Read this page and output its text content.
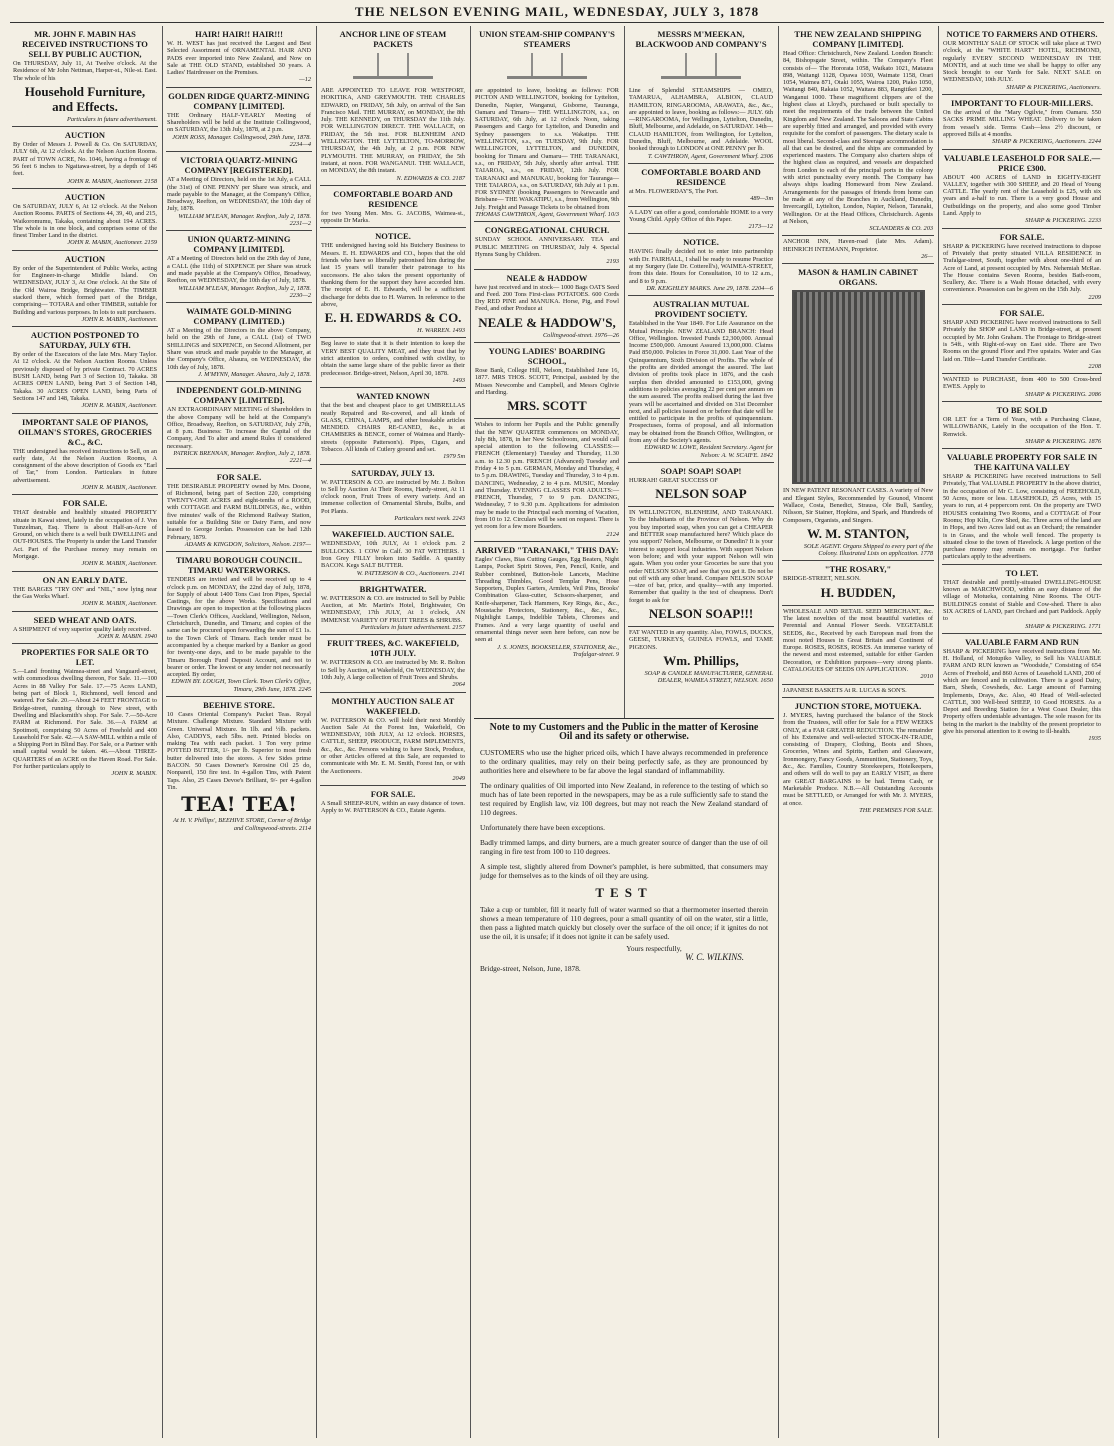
THE NELSON EVENING MAIL, WEDNESDAY, JULY 3, 1878
MR. JOHN F. MABIN HAS RECEIVED INSTRUCTIONS TO SELL BY PUBLIC AUCTION,
On THURSDAY, July 11, At Twelve o'clock. At the Residence of Mr John Nettman, Harper-st., Nile-st. East. The whole of his
Household Furniture, and Effects.
Particulars in future advertisement.
AUCTION
By Order of Messrs J. Powell & Co. On SATURDAY, JULY 6th, At 12 o'clock. At the Nelson Auction Rooms. PART of TOWN ACRE, No. 1046, having a frontage of 56 feet 6 inches to Ngaitawa-street, by a depth of 146 feet.
JOHN R. MABIN, Auctioneer. 2158
AUCTION
On SATURDAY, JULY 6, At 12 o'clock. At the Nelson Auction Rooms. PARTS of Sections 44, 39, 40, and 215, Waikoromumu, Takaka, containing about 194 ACRES. The whole is in one block, and comprises some of the finest Timber Land in the district.
JOHN R. MABIN, Auctioneer. 2159
AUCTION
By order of the Superintendent of Public Works, acting for Engineer-in-charge Middle Island. On WEDNESDAY, JULY 3, At One o'clock. At the Site of the Old Wairoa Bridge, Brightwater. The TIMBER stacked there, which formed part of the Bridge, comprising— TOTARA and other TIMBER, suitable for Building and various purposes. In lots to suit purchasers.
JOHN R. MABIN, Auctioneer.
AUCTION POSTPONED TO SATURDAY, JULY 6TH.
By order of the Executors of the late Mrs. Mary Taylor. At 12 o'clock. At the Nelson Auction Rooms. Unless previously disposed of by private Contract. 70 ACRES BUSH LAND, being Part 3 of Section 10, Takaka. 38 ACRES OPEN LAND, being Part 3 of Section 148, Takaka. 30 ACRES OPEN LAND, being Parts of Sections 147 and 148, Takaka.
JOHN R. MABIN, Auctioneer.
IMPORTANT SALE OF PIANOS, OILMAN'S STORES, GROCERIES &C., &C.
THE undersigned has received instructions to Sell, on an early date, At the Nelson Auction Rooms, A consignment of the above description of Goods ex "Earl of Tar," from London. Particulars in future advertisement.
JOHN R. MABIN, Auctioneer.
FOR SALE.
THAT desirable and healthily situated PROPERTY situate in Kawai street, lately in the occupation of J. Von Tunzelman, Esq. There is about Half-an-Acre of Ground, on which there is a well built DWELLING and OUT-HOUSES. The Property is under the Land Transfer Act. Part of the Purchase money may remain on Mortgage.
JOHN R. MABIN, Auctioneer.
ON AN EARLY DATE.
THE BARGES "TRY ON" and "NIL," now lying near the Gas Works Wharf.
JOHN R. MABIN, Auctioneer.
SEED WHEAT AND OATS.
A SHIPMENT of very superior quality lately received.
JOHN R. MABIN. 1940
PROPERTIES FOR SALE OR TO LET.
5.—Land fronting Waimea-street and Vanguard-street, with commodious dwelling thereon, For Sale. 11.—100 Acres in 88 Valley For Sale. 17.—75 Acres LAND, being part of Block 1, Richmond, well fenced and watered. For Sale. 20.—About 24 FEET FRONTAGE to Bridge-street, running through to New street, with Dwelling and Blacksmith's shop. For Sale. 7.—50-Acre FARM at Richmond. For Sale. 36.—A FARM at Spotimoti, comprising 50 Acres of Freehold and 400 Leasehold For Sale. 42.—A SAW-MILL within a mile of a Shipping Port in Blind Bay. For Sale, or a Partner with small capital would be taken. 46.—About THREE-QUARTERS of an ACRE on the Haven Road. For Sale. For further particulars apply to
JOHN R. MABIN.
HAIR! HAIR!! HAIR!!!
W. H. WEST has just received the Largest and Best Selected Assortment of ORNAMENTAL HAIR AND PADS ever imported into New Zealand, and Now on Sale at THE OLD STAND, established 30 years. A Ladies' Hairdresser on the Premises.
—12
GOLDEN RIDGE QUARTZ-MINING COMPANY [LIMITED].
THE Ordinary HALF-YEARLY Meeting of Shareholders will be held at the Institute Collingwood, on SATURDAY, the 13th July, 1878, at 2 p.m.
JOHN ROSS, Manager. Collingwood, 29th June, 1878. 2234—4
VICTORIA QUARTZ-MINING COMPANY [REGISTERED].
AT a Meeting of Directors, held on the 1st July, a CALL (the 31st) of ONE PENNY per Share was struck, and made payable to the Manager, at the Company's Office, Broadway, Reefton, on WEDNESDAY, the 10th day of July, 1878.
WILLIAM M'LEAN, Manager. Reefton, July 2, 1878. 2231—2
UNION QUARTZ-MINING COMPANY [LIMITED].
AT a Meeting of Directors held on the 29th day of June, a CALL (the 11th) of SIXPENCE per Share was struck and made payable at the Company's Office, Broadway, Reefton, on WEDNESDAY, the 10th day of July, 1878.
WILLIAM M'LEAN, Manager. Reefton, July 2, 1878. 2230—2
WAIMATE GOLD-MINING COMPANY (LIMITED.)
AT a Meeting of the Directors in the above Company, held on the 29th of June, a CALL (1st) of TWO SHILLINGS and SIXPENCE, on Second Allotment, per Share was struck and made payable to the Manager, at the Company's Office, Ahaura, on WEDNESDAY, the 10th day of July, 1878.
J. M'MYNN, Manager. Ahaura, July 2, 1878.
INDEPENDENT GOLD-MINING COMPANY [LIMITED].
AN EXTRAORDINARY MEETING of Shareholders in the above Company will be held at the Company's Office, Broadway, Reefton, on SATURDAY, July 27th, at 8 p.m. Business: To increase the Capital of the Company, And To alter and amend Rules if considered necessary.
PATRICK BRENNAN, Manager. Reefton, July 2, 1878. 2221—4
FOR SALE.
THE DESIRABLE PROPERTY owned by Mrs. Doone, of Richmond, being part of Section 220, comprising TWENTY-ONE ACRES and eight-tenths of a ROOD, with COTTAGE and FARM BUILDINGS, &c., within five minutes' walk of the Richmond Railway Station, suitable for a Building Site or Dairy Farm, and now leased to George Jordan. Possession can be had 12th February, 1879.
ADAMS & KINGDON, Solicitors, Nelson. 2197—
TIMARU BOROUGH COUNCIL. TIMARU WATERWORKS.
TENDERS are invited and will be received up to 4 o'clock p.m. on MONDAY, the 22nd day of July, 1878, for Supply of about 1400 Tons Cast Iron Pipes, Special Castings, for the above Works. Specifications and Drawings are open to inspection at the following places—Town Clerk's Offices, Auckland, Wellington, Nelson, Christchurch, Dunedin, and Timaru; and copies of the same can be procured upon forwarding the sum of £1 1s. to the Town Clerk of Timaru. Each tender must be accompanied by a cheque marked by a Banker as good for twenty-one days, and to be made payable to the Timaru Borough Fund Deposit Account, and not to bearer or order. The lowest or any tender not necessarily accepted. By order,
EDWIN BY. LOUGH, Town Clerk. Town Clerk's Office, Timaru, 29th June, 1878. 2245
BEEHIVE STORE.
10 Cases Oriental Company's Packet Teas. Royal Mixture. Challenge Mixture. Standard Mixture with Green. Universal Mixture. In 1lb. and ½lb. packets. Also, CADDYS, each 5lbs. nett. Printed blocks on making Tea with each packet. 1 Ton very prime POTTED BUTTER, 1/- per lb. Superior to most fresh butter delivered into the stores. A few Sides prime BACON. 50 Cases Downer's Kerosine Oil 25 do, Nonpareil, 150 fire test. In 4-gallon Tins, with Patent Taps. Also, 25 Cases Devoe's Brilliant, 9/- per 4-gallon Tin.
TEA! TEA!
At H. V. Phillips', BEEHIVE STORE, Corner of Bridge and Collingwood-streets. 2114
ANCHOR LINE OF STEAM PACKETS
ARE APPOINTED TO LEAVE FOR WESTPORT, HOKITIKA, AND GREYMOUTH. THE CHARLES EDWARD, on FRIDAY, 5th July, on arrival of the San Francisco Mail. THE MURRAY, on MONDAY, the 8th July. THE KENNEDY, on THURSDAY the 11th July. FOR WELLINGTON DIRECT. THE WALLACE, on FRIDAY, the 5th inst. FOR BLENHEIM AND WELLINGTON. THE LYTTELTON, TO-MORROW, THURSDAY, the 4th July, at 2 p.m. FOR NEW PLYMOUTH. THE MURRAY, on FRIDAY, the 5th instant, at noon. FOR WANGANUI. THE WALLACE, on MONDAY, the 8th instant.
N. EDWARDS & CO. 2187
COMFORTABLE BOARD AND RESIDENCE
for two Young Men. Mrs. G. JACOBS, Waimea-st., opposite Dr Marks.
NOTICE.
THE undersigned having sold his Butchery Business to Messrs. E. H. EDWARDS and CO., hopes that the old friends who have so liberally patronised him during the last 15 years will transfer their patronage to his successors. He also takes the present opportunity of thanking them for the support they have accorded him. The receipt of E. H. Edwards, will be a sufficient discharge for debts due to H. Warren. In reference to the above,
E. H. EDWARDS & CO.
H. WARREN. 1493
Beg leave to state that it is their intention to keep the VERY BEST QUALITY MEAT, and they trust that by strict attention to orders, combined with civility, to obtain the same large share of the public favor as their predecessor. Bridge-street, Nelson, April 30, 1878.
1493
WANTED KNOWN
that the best and cheapest place to get UMBRELLAS neatly Repaired and Re-covered, and all kinds of GLASS, CHINA, LAMPS, and other breakable articles MENDED. CHAIRS RE-CANED, &c., is at CHAMBERS & BENCE, corner of Waimea and Hardy-streets (opposite Patterson's). Pipes, Cigars, and Tobacco. All kinds of Cutlery ground and set.
1979 5m
SATURDAY, JULY 13.
W. PATTERSON & CO. are instructed by Mr. J. Bolton to Sell by Auction At Their Rooms, Hardy-street, At 11 o'clock noon, Fruit Trees of every variety. And an immense collection of Ornamental Shrubs, Bulbs, and Pot Plants.
Particulars next week. 2243
WAKEFIELD. AUCTION SALE.
WEDNESDAY, 10th JULY, At 1 o'clock p.m. 2 BULLOCKS. 1 COW in Calf. 30 FAT WETHERS. 1 Iron Grey FILLY broken into Saddle. A quantity BACON. Kegs SALT BUTTER.
W. PATTERSON & CO., Auctioneers. 2141
BRIGHTWATER.
W. PATTERSON & CO. are instructed to Sell by Public Auction, at Mr. Martin's Hotel, Brightwater, On WEDNESDAY, 17th JULY, At 1 o'clock, AN IMMENSE VARIETY OF FRUIT TREES & SHRUBS.
Particulars in future advertisement. 2157
FRUIT TREES, &C. WAKEFIELD, 10TH JULY.
W. PATTERSON & CO. are instructed by Mr. R. Bolton to Sell by Auction, at Wakefield, On WEDNESDAY, the 10th July, A large collection of Fruit Trees and Shrubs.
2064
MONTHLY AUCTION SALE AT WAKEFIELD.
W. PATTERSON & CO. will hold their next Monthly Auction Sale At the Forest Inn, Wakefield, On WEDNESDAY, 10th JULY, At 12 o'clock. HORSES, CATTLE, SHEEP, PRODUCE, FARM IMPLEMENTS, &c., &c., &c. Persons wishing to have Stock, Produce, or other Articles offered at this Sale, are requested to communicate with Mr. E. M. Smith, Forest Inn, or with the Auctioneers.
2049
FOR SALE.
A Small SHEEP-RUN, within an easy distance of town. Apply to W. PATTERSON & CO., Estate Agents.
UNION STEAM-SHIP COMPANY'S STEAMERS
are appointed to leave, booking as follows: FOR PICTON AND WELLINGTON, booking for Lyttelton, Dunedin, Napier, Wanganui, Gisborne, Tauranga, Oamaru and Timaru— THE WELLINGTON, s.s., on SATURDAY, 6th July, at 12 o'clock Noon, taking Passengers and Cargo for Lyttelton, and Dunedin and Sydney passengers to s.s. Wakatipu. THE WELLINGTON, s.s., on TUESDAY, 9th July. FOR WELLINGTON, LYTTELTON, and DUNEDIN, booking for Timaru and Oamaru— THE TARANAKI, s.s., on FRIDAY, 5th July, shortly after arrival. THE TAIAROA, s.s., on FRIDAY, 12th July. FOR TARANAKI and MANUKAU, booking for Tauranga— THE TAIAROA, s.s., on SATURDAY, 6th July at 1 p.m. FOR SYDNEY (booking Passengers to Newcastle and Brisbane— THE WAKATIPU, s.s., from Wellington, 9th July. Freight and Passage Tickets to be obtained from
THOMAS CAWTHRON, Agent, Government Wharf. 10/3
CONGREGATIONAL CHURCH.
SUNDAY SCHOOL ANNIVERSARY. TEA and PUBLIC MEETING on THURSDAY, July 4. Special Hymns Sung by Children.
2193
NEALE & HADDOW
have just received and in stock— 1000 Bags OATS Seed and Feed. 200 Tons First-class POTATOES. 600 Cords Dry RED PINE and MANUKA. Horse, Pig, and Fowl Feed, and other Produce at
NEALE & HADDOW'S,
Collingwood-street. 1976—26
YOUNG LADIES' BOARDING SCHOOL,
Rose Bank, College Hill, Nelson, Established June 16, 1877. MRS THOS. SCOTT, Principal, assisted by the Misses Newcombe and Campbell, and Messrs Oglivie and Harding.
MRS. SCOTT
Wishes to inform her Pupils and the Public generally that the NEW QUARTER commences on MONDAY, July 8th, 1878, in her New Schoolroom, and would call special attention to the following CLASSES:— FRENCH (Elementary) Tuesday and Thursday, 11.30 a.m. to 12.30 p.m. FRENCH (Advanced) Tuesday and Friday 4 to 5 p.m. GERMAN, Monday and Thursday, 4 to 5 p.m. DRAWING, Tuesday and Thursday, 3 to 4 p.m. DANCING, Wednesday, 2 to 4 p.m. MUSIC, Monday and Thursday. EVENING CLASSES FOR ADULTS:— FRENCH, Thursday, 7 to 9 p.m. DANCING, Wednesday, 7 to 9.30 p.m. Applications for admission may be made to the Principal each morning of Vacation, from 10 to 12. Circulars will be sent on request. There is yet room for a few more Boarders.
2124
ARRIVED "TARANAKI," THIS DAY:
Eagles' Claws, Bias Cutting Gauges, Egg Beaters, Night Lamps, Pocket Spirit Stoves, Pen, Pencil, Knife, and Rubber combined, Button-hole Lancets, Machine Threading Thimbles, Good Templar Pens, Hose Supporters, Duplex Garters, Armlets, Veil Pins, Brooks' Combination Glass-cutter, Scissors-sharpener, and Knife-sharpener, Tack Hammers, Key Rings, &c., &c., Moustache Protectors, Stationery, &c., &c., &c., Nightlight Lamps, Indelible Tablets, Chromes and Frames. And a very large quantity of useful and ornamental things never seen here before, can now be seen at
J. S. JONES, BOOKSELLER, STATIONER, &c., Trafalgar-street. 9
MESSRS M'MEEKAN, BLACKWOOD AND COMPANY'S
Line of Splendid STEAMSHIPS — OMEO, TAMARUA, ALHAMBRA, ALBION, CLAUD HAMILTON, RINGAROOMA, ARAWATA, &c., &c., are appointed to leave, booking as follows:— JULY. 6th—RINGAROOMA, for Wellington, Lyttelton, Dunedin, Bluff, Melbourne, and Adelaide, on SATURDAY. 14th—CLAUD HAMILTON, from Wellington, for Lyttelton, Dunedin, Bluff, Melbourne, and Adelaide. WOOL booked through to LONDON at ONE PENNY per lb.
T. CAWTHRON, Agent, Government Wharf. 2306
COMFORTABLE BOARD AND RESIDENCE
at Mrs. FLOWERDAY'S, The Port.
489—3m
A LADY can offer a good, comfortable HOME to a very Young Child. Apply Office of this Paper.
2173—12
NOTICE.
HAVING finally decided not to enter into partnership with Dr. FAIRHALL, I shall be ready to resume Practice at my Surgery (late Dr. Cotterell's), WAIMEA-STREET, from this date. Hours for Consultation, 10 to 12 a.m., and 8 to 9 p.m.
DR. KEIGHLEY MARKS. June 29, 1878. 2204—6
AUSTRALIAN MUTUAL PROVIDENT SOCIETY.
Established in the Year 1849. For Life Assurance on the Mutual Principle. NEW ZEALAND BRANCH: Head Office, Wellington. Invested Funds £2,300,000. Annual Income £500,000. Amount Assured 13,000,000. Claims Paid 850,000. Policies in Force 31,000. Last Year of the Quinquennium, Sixth Division of Profits. The whole of the profits are divided amongst the assured. The last division of profits took place in 1876, and the cash surplus then divided amounted to £153,000, giving additions to policies averaging 22 per cent per annum on the sum assured. The profits realised during the last five years will be ascertained and divided on 31st December next, and all policies issued on or before that date will be entitled to participate in the profits of quinquennium. Prospectuses, forms of proposal, and all information may be obtained from the Branch Office, Wellington, or from any of the Society's agents.
EDWARD W. LOWE, Resident Secretary. Agent for Nelson: A. W. SCAIFE. 1842
SOAP! SOAP! SOAP!
HURRAH! GREAT SUCCESS OF
NELSON SOAP
IN WELLINGTON, BLENHEIM, AND TARANAKI. To the Inhabitants of the Province of Nelson. Why do you buy imported soap, when you can get a CHEAPER and BETTER soap manufactured here? Which place do you support? Nelson, Melbourne, or Dunedin? It is your interest to support local industries. With support Nelson won before; and with your support Nelson will win again. When you order your Groceries be sure that you order NELSON SOAP, and see that you get it. Do not be put off with any other brand. Compare NELSON SOAP—size of bar, price, and quality—with any imported. Remember that quality is the test of cheapness. Don't forget to ask for
NELSON SOAP!!!
FAT WANTED in any quantity. Also, FOWLS, DUCKS, GEESE, TURKEYS, GUINEA FOWLS, and TAME PIGEONS.
Wm. Phillips,
SOAP & CANDLE MANUFACTURER, GENERAL DEALER, WAIMEA STREET, NELSON. 1650
Note to my Customers and the Public in the matter of Kerosine Oil and its safety or otherwise.
CUSTOMERS who use the higher priced oils, which I have always recommended in preference to the ordinary qualities, may rely on their being perfectly safe, as they are pronounced by authorities here and elsewhere to be far above the legal standard of inflammability.
The ordinary qualities of Oil imported into New Zealand, in reference to the testing of which so much has of late been reported in the newspapers, may be as a rule sufficiently safe to stand the test required by English law, viz 100 degrees, but may not reach the New Zealand standard of 110 degrees.
Unfortunately there have been exceptions.
Badly trimmed lamps, and dirty burners, are a much greater source of danger than the use of oil ranging in fire test from 100 to 110 degrees.
A simple test, slightly altered from Downer's pamphlet, is here submitted, that consumers may judge for themselves as to the kinds of oil they are using.
TEST
Take a cup or tumbler, fill it nearly full of water warmed so that a thermometer inserted therein shows a mean temperature of 110 degrees, pour a small quantity of oil on the water, stir a little, then pass a lighted match quickly but closely over the surface of the oil once; if it ignites do not use the oil, it is unsafe; if it does not ignite it can be safely used.
Yours respectfully,
W. C. WILKINS.
Bridge-street, Nelson, June, 1878.
THE NEW ZEALAND SHIPPING COMPANY [LIMITED].
Head Office: Christchurch, New Zealand. London Branch: 84, Bishopsgate Street, within. The Company's Fleet consists of— The Hororata 1058, Waikato 1021, Mataura 898, Waitangi 1128, Opawa 1030, Waimate 1158, Orari 1054, Waimea 871, Otaki 1055, Wairoa 1200, Piako 1050, Waitangi 840, Rakaia 1052, Waitara 883, Rangitikei 1200, Wanganui 1000. These magnificent clippers are of the highest class at Lloyd's, purchased or built specially to meet the requirements of the trade between the United Kingdom and New Zealand. The Saloons and State Cabins are superbly fitted and arranged, and provided with every requisite for the comfort of passengers. The dietary scale is most liberal. Second-class and Steerage accommodation is all that can be desired, and the ships are commanded by experienced masters. The Company also charters ships of the highest class as required, and vessels are despatched from London to each of the principal ports in the colony with strict punctuality every month. The Company has always ships loading Homeward from New Zealand. Arrangements for the passages of friends from home can be made at any of the Branches in Auckland, Dunedin, Invercargill, Lyttelton, London, Napier, Nelson, Taranaki, Wellington. Or at the Head Offices, Christchurch. Agents at Nelson,
SCLANDERS & CO. 203
ANCHOR INN, Haven-road (late Mrs. Adam). HEINRICH INTEMANN, Proprietor.
26—
MASON & HAMLIN CABINET ORGANS.
IN NEW PATENT RESONANT CASES. A variety of New and Elegant Styles, Recommended by Gounod, Vincent Wallace, Costa, Benedict, Strauss, Ole Bull, Santley, Nilsson, Sir Stainer, Hopkins, and Spark, and Hundreds of Composers, Organists, and Singers.
W. M. STANTON,
SOLE AGENT. Organs Shipped to every part of the Colony. Illustrated Lists on application. 1778
"THE ROSARY,"
BRIDGE-STREET, NELSON.
H. BUDDEN,
WHOLESALE AND RETAIL SEED MERCHANT, &c. The latest novelties of the most beautiful varieties of Perennial and Annual Flower Seeds. VEGETABLE SEEDS, &c., Received by each European mail from the most noted Houses in Great Britain and Continent of Europe. ROSES, ROSES, ROSES. An immense variety of the newest and most esteemed, suitable for either Garden Decoration, or Exhibition purposes—very strong plants. CATALOGUES OF SEEDS ON APPLICATION.
2010
JAPANESE BASKETS At R. LUCAS & SON'S.
JUNCTION STORE, MOTUEKA.
J. MYERS, having purchased the balance of the Stock from the Trustees, will offer for Sale for a FEW WEEKS ONLY, at a FAR GREATER REDUCTION. The remainder of his Extensive and well-selected STOCK-IN-TRADE, consisting of Drapery, Clothing, Boots and Shoes, Groceries, Wines and Spirits, Earthen and Glassware, Ironmongery, Fancy Goods, Ammunition, Stationery, Toys, &c., &c. Families, Country Storekeepers, Hotelkeepers, and others will do well to pay an EARLY VISIT, as there are GREAT BARGAINS to be had. Terms Cash, or Marketable Produce. N.B.—All Outstanding Accounts must be SETTLED, or Arranged for with Mr. J. MYERS, at once.
THE PREMISES FOR SALE.
NOTICE TO FARMERS AND OTHERS.
OUR MONTHLY SALE OF STOCK will take place at TWO o'clock, at the "WHITE HART" HOTEL, RICHMOND, regularly EVERY SECOND WEDNESDAY IN THE MONTH, and at such time we shall be happy to offer any Stock brought to our Yards for Sale. NEXT SALE on WEDNESDAY, 10th JULY.
SHARP & PICKERING, Auctioneers.
IMPORTANT TO FLOUR-MILLERS.
On the arrival of the "Mary Ogilvie," from Oamaru. 550 SACKS PRIME MILLING WHEAT. Delivery to be taken from vessel's side. Terms Cash—less 2½ discount, or approved Bills at 4 months.
SHARP & PICKERING, Auctioneers. 2244
VALUABLE LEASEHOLD FOR SALE.—PRICE £300.
ABOUT 400 ACRES of LAND in EIGHTY-EIGHT VALLEY, together with 300 SHEEP, and 20 Head of Young CATTLE. The yearly rent of the Leasehold is £25, with six years and a-half to run. There is a very good House and Outbuildings on the property, and also some good Timber Land. Apply to
SHARP & PICKERING. 2233
FOR SALE.
SHARP & PICKERING have received instructions to dispose of Privately that pretty situated VILLA RESIDENCE in Trafalgar-street, South, together with about one-third of an Acre of Land, at present occupied by Mrs. Nehemiah McRae. The House contains Seven Rooms, besides Bath-room, Scullery, &c. There is a Wash House detached, with every convenience. Possession can be given on the 15th July.
2209
FOR SALE.
SHARP AND PICKERING have received instructions to Sell Privately the SHOP and LAND in Bridge-street, at present occupied by Mr. John Graham. The Frontage to Bridge-street is 54ft., with Right-of-way on East side. There are Two Rooms on the ground Floor and Five upstairs. Water and Gas laid on. Title—Land Transfer Certificate.
2208
WANTED to PURCHASE, from 400 to 500 Cross-bred EWES. Apply to
SHARP & PICKERING. 2086
TO BE SOLD
OR LET for a Term of Years, with a Purchasing Clause, WILLOWBANK, Lately in the occupation of the Hon. T. Renwick.
SHARP & PICKERING. 1876
VALUABLE PROPERTY FOR SALE IN THE KAITUNA VALLEY
SHARP & PICKERING have received instructions to Sell Privately, That VALUABLE PROPERTY In the above district, in the occupation of Mr C. Low, consisting of FREEHOLD, 50 Acres, more or less. LEASEHOLD, 25 Acres, with 15 years to run, at 4 peppercorn rent. On the property are TWO HOUSES containing Two Rooms, and a COTTAGE of Four Rooms; Hop Kiln, Cow Shed, &c. Three acres of the land are in Hops, and two Acres laid out as an Orchard; the remainder is in Grass, and the whole well fenced. The property is situated close to the town of Havelock. A large portion of the purchase money may remain on mortgage. For further particulars apply to the advertisers.
TO LET.
THAT desirable and prettily-situated DWELLING-HOUSE known as MARCHWOOD, within an easy distance of the village of Motueka, containing Nine Rooms. The OUT-BUILDINGS consist of Stable and Cow-shed. There is also SIX ACRES of LAND, part Orchard and part Paddock. Apply to
SHARP & PICKERING. 1771
VALUABLE FARM AND RUN
SHARP & PICKERING have received instructions from Mr. H. Holland, of Motupiko Valley, to Sell his VALUABLE FARM AND RUN known as "Woodside," Consisting of 654 Acres of Freehold, and 860 Acres of Leasehold LAND, 200 of which are fenced and in cultivation. There is a good Dairy, Barn, Sheds, Cowsheds, &c. Large amount of Farming Implements, Drays, &c. Also, 40 Head of Well-selected CATTLE, 300 Well-bred SHEEP, 10 Good HORSES. As a Depot and Breeding Station for a West Coast Dealer, this Property offers undeniable advantages. The sole reason for its being in the market is the inability of the present proprietor to give his personal attention to it owing to ill-health.
1935
